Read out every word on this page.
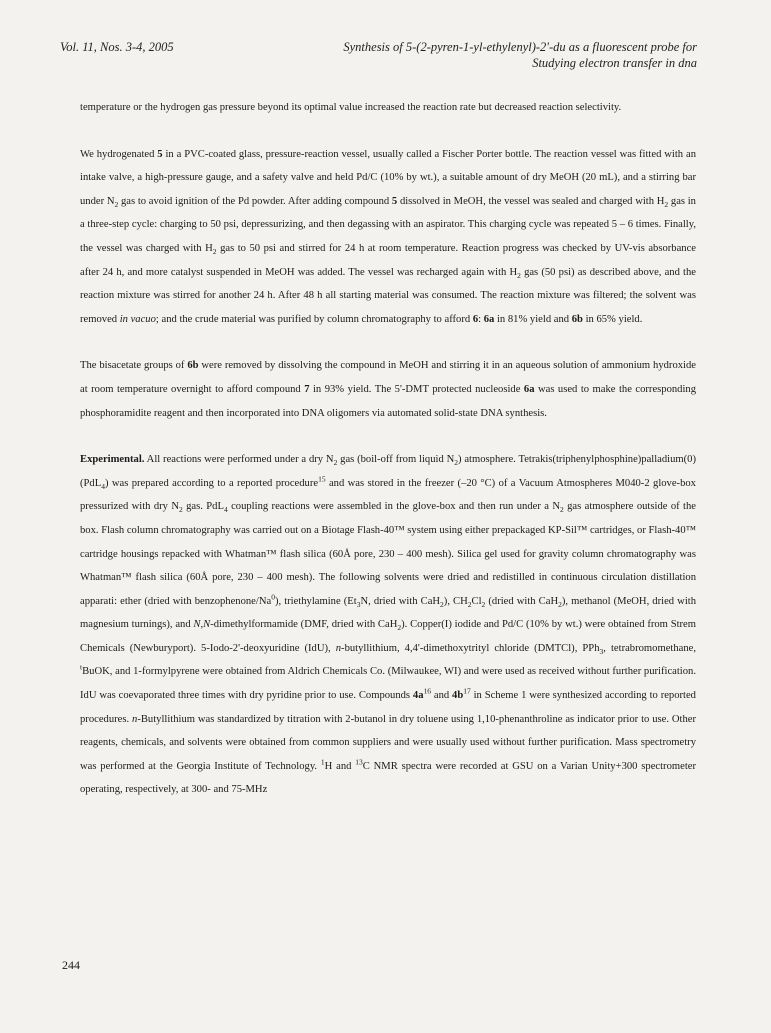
Vol. 11, Nos. 3-4, 2005	Synthesis of 5-(2-pyren-1-yl-ethylenyl)-2'-du as a fluorescent probe for
Studying electron transfer in dna

temperature or the hydrogen gas pressure beyond its optimal value increased the reaction rate but decreased reaction selectivity.

We hydrogenated 5 in a PVC-coated glass, pressure-reaction vessel, usually called a Fischer Porter bottle. The reaction vessel was fitted with an intake valve, a high-pressure gauge, and a safety valve and held Pd/C (10% by wt.), a suitable amount of dry MeOH (20 mL), and a stirring bar under $N_2$ gas to avoid ignition of the Pd powder. After adding compound 5 dissolved in MeOH, the vessel was sealed and charged with $H_2$ gas in a three-step cycle: charging to 50 psi, depressurizing, and then degassing with an aspirator. This charging cycle was repeated 5 – 6 times. Finally, the vessel was charged with $H_2$ gas to 50 psi and stirred for 24 h at room temperature. Reaction progress was checked by UV-vis absorbance after 24 h, and more catalyst suspended in MeOH was added. The vessel was recharged again with $H_2$ gas (50 psi) as described above, and the reaction mixture was stirred for another 24 h. After 48 h all starting material was consumed. The reaction mixture was filtered; the solvent was removed in vacuo; and the crude material was purified by column chromatography to afford 6: 6a in 81% yield and 6b in 65% yield.

The bisacetate groups of 6b were removed by dissolving the compound in MeOH and stirring it in an aqueous solution of ammonium hydroxide at room temperature overnight to afford compound 7 in 93% yield. The 5'-DMT protected nucleoside 6a was used to make the corresponding phosphoramidite reagent and then incorporated into DNA oligomers via automated solid-state DNA synthesis.

Experimental. All reactions were performed under a dry $N_2$ gas (boil-off from liquid $N_2$) atmosphere. Tetrakis(triphenylphosphine)palladium(0) (PdL$_4$) was prepared according to a reported procedure$^{15}$ and was stored in the freezer (–20 °C) of a Vacuum Atmospheres M040-2 glove-box pressurized with dry $N_2$ gas. PdL$_4$ coupling reactions were assembled in the glove-box and then run under a $N_2$ gas atmosphere outside of the box. Flash column chromatography was carried out on a Biotage Flash-40™ system using either prepackaged KP-Sil™ cartridges, or Flash-40™ cartridge housings repacked with Whatman™ flash silica (60Å pore, 230 – 400 mesh). Silica gel used for gravity column chromatography was Whatman™ flash silica (60Å pore, 230 – 400 mesh). The following solvents were dried and redistilled in continuous circulation distillation apparati: ether (dried with benzophenone/Na$^0$), triethylamine ($Et_3N$, dried with CaH$_2$), $CH_2Cl_2$ (dried with CaH$_2$), methanol (MeOH, dried with magnesium turnings), and N,N-dimethylformamide (DMF, dried with CaH$_2$). Copper(I) iodide and Pd/C (10% by wt.) were obtained from Strem Chemicals (Newburyport). 5-Iodo-2'-deoxyuridine (IdU), n-butyllithium, 4,4'-dimethoxytrityl chloride (DMTCl), PPh$_3$, tetrabromomethane, $^t$BuOK, and 1-formylpyrene were obtained from Aldrich Chemicals Co. (Milwaukee, WI) and were used as received without further purification. IdU was coevaporated three times with dry pyridine prior to use. Compounds $4a^{16}$ and $4b^{17}$ in Scheme 1 were synthesized according to reported procedures. n-Butyllithium was standardized by titration with 2-butanol in dry toluene using 1,10-phenanthroline as indicator prior to use. Other reagents, chemicals, and solvents were obtained from common suppliers and were usually used without further purification. Mass spectrometry was performed at the Georgia Institute of Technology. $^1$H and $^{13}$C NMR spectra were recorded at GSU on a Varian Unity+300 spectrometer operating, respectively, at 300- and 75-MHz

244
